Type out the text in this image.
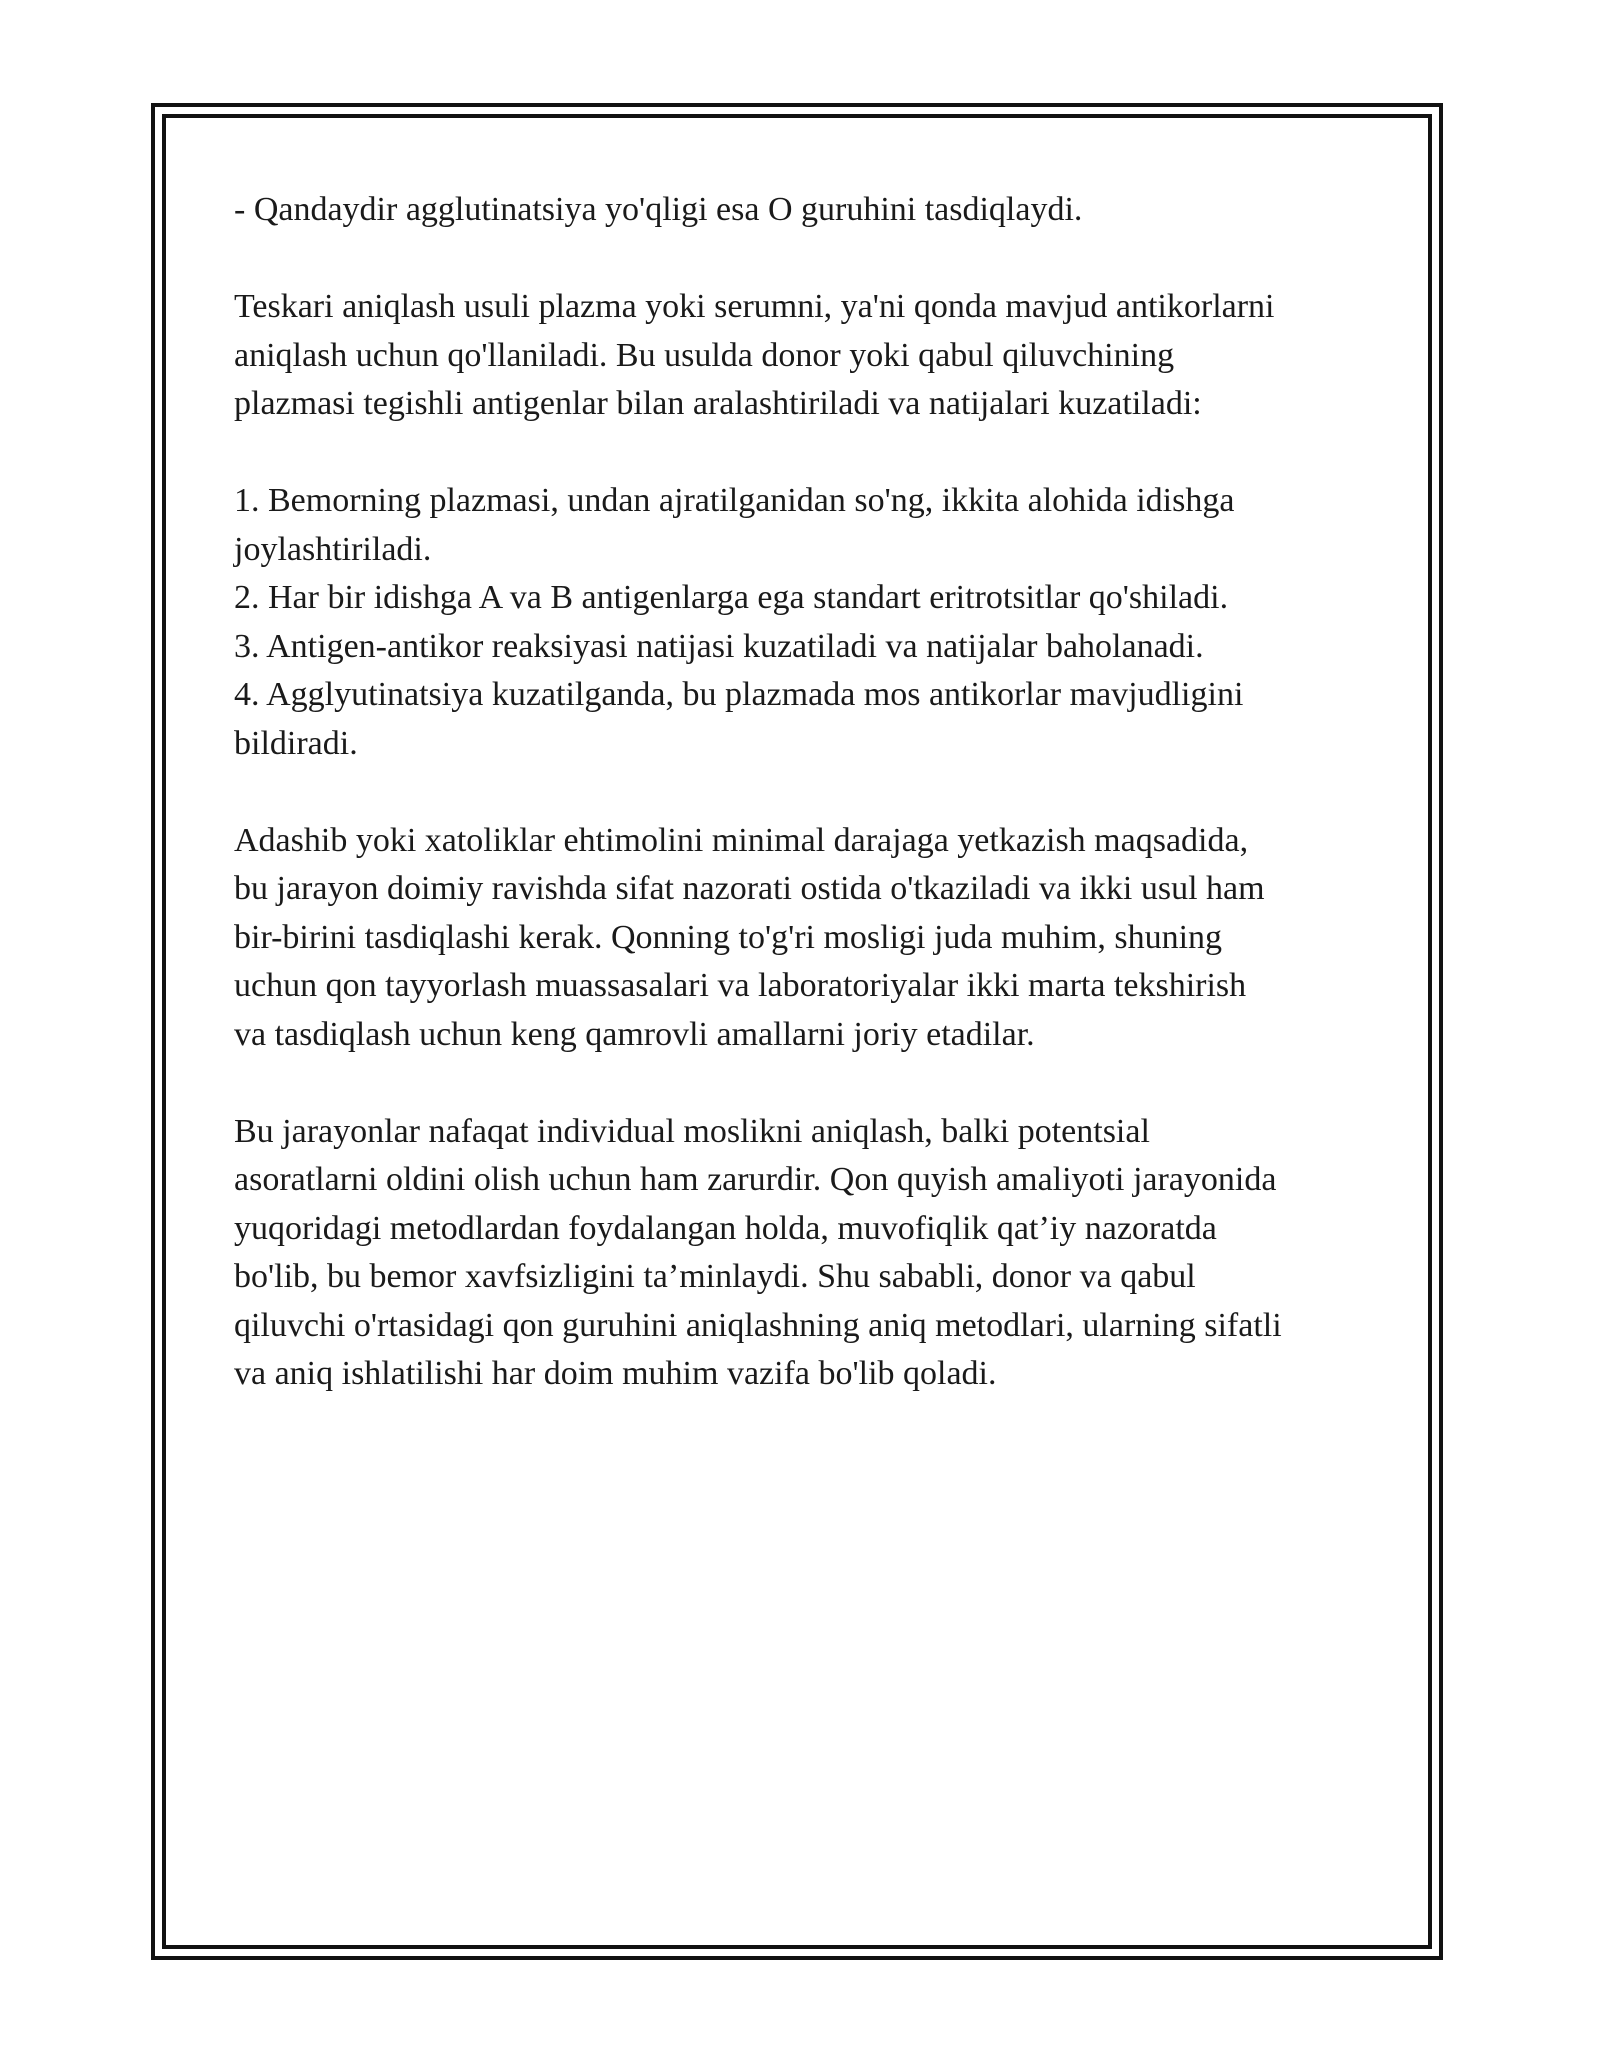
- Qandaydir agglutinatsiya yo'qligi esa O guruhini tasdiqlaydi.

Teskari aniqlash usuli plazma yoki serumni, ya'ni qonda mavjud antikorlarni
aniqlash uchun qo'llaniladi. Bu usulda donor yoki qabul qiluvchining
plazmasi tegishli antigenlar bilan aralashtiriladi va natijalari kuzatiladi:

1. Bemorning plazmasi, undan ajratilganidan so'ng, ikkita alohida idishga
joylashtiriladi.

2. Har bir idishga A va B antigenlarga ega standart eritrotsitlar qo'shiladi.

3. Antigen-antikor reaksiyasi natijasi kuzatiladi va natijalar baholanadi.

4. Agglyutinatsiya kuzatilganda, bu plazmada mos antikorlar mavjudligini
bildiradi.

Adashib yoki xatoliklar ehtimolini minimal darajaga yetkazish maqsadida,
bu jarayon doimiy ravishda sifat nazorati ostida o'tkaziladi va ikki usul ham
bir-birini tasdiqlashi kerak. Qonning to'g'ri mosligi juda muhim, shuning
uchun qon tayyorlash muassasalari va laboratoriyalar ikki marta tekshirish
va tasdiqlash uchun keng qamrovli amallarni joriy etadilar.

Bu jarayonlar nafaqat individual moslikni aniqlash, balki potentsial
asoratlarni oldini olish uchun ham zarurdir. Qon quyish amaliyoti jarayonida
yuqoridagi metodlardan foydalangan holda, muvofiqlik qat’iy nazoratda
bo'lib, bu bemor xavfsizligini ta’minlaydi. Shu sababli, donor va qabul
qiluvchi o'rtasidagi qon guruhini aniqlashning aniq metodlari, ularning sifatli
va aniq ishlatilishi har doim muhim vazifa bo'lib qoladi.
